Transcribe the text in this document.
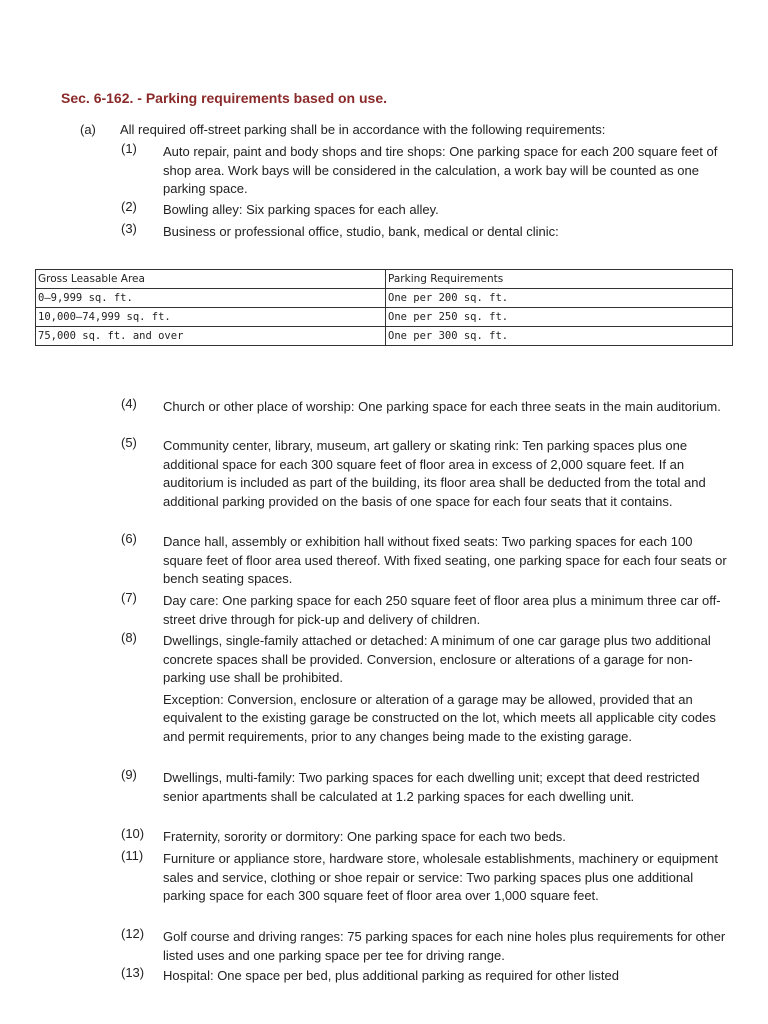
Sec. 6-162. - Parking requirements based on use.
(a) All required off-street parking shall be in accordance with the following requirements:
(1)	Auto repair, paint and body shops and tire shops: One parking space for each 200 square feet of shop area. Work bays will be considered in the calculation, a work bay will be counted as one parking space.
(2)	Bowling alley: Six parking spaces for each alley.
(3)	Business or professional office, studio, bank, medical or dental clinic:
Gross Leasable Area	Parking Requirements
0–9,999 sq. ft.	One per 200 sq. ft.
10,000–74,999 sq. ft.	One per 250 sq. ft.
75,000 sq. ft. and over	One per 300 sq. ft.
(4)	Church or other place of worship: One parking space for each three seats in the main auditorium.
(5)	Community center, library, museum, art gallery or skating rink: Ten parking spaces plus one additional space for each 300 square feet of floor area in excess of 2,000 square feet. If an auditorium is included as part of the building, its floor area shall be deducted from the total and additional parking provided on the basis of one space for each four seats that it contains.
(6)	Dance hall, assembly or exhibition hall without fixed seats: Two parking spaces for each 100 square feet of floor area used thereof. With fixed seating, one parking space for each four seats or bench seating spaces.
(7)	Day care: One parking space for each 250 square feet of floor area plus a minimum three car off-street drive through for pick-up and delivery of children.
(8)	Dwellings, single-family attached or detached: A minimum of one car garage plus two additional concrete spaces shall be provided. Conversion, enclosure or alterations of a garage for non-parking use shall be prohibited.
Exception: Conversion, enclosure or alteration of a garage may be allowed, provided that an equivalent to the existing garage be constructed on the lot, which meets all applicable city codes and permit requirements, prior to any changes being made to the existing garage.
(9)	Dwellings, multi-family: Two parking spaces for each dwelling unit; except that deed restricted senior apartments shall be calculated at 1.2 parking spaces for each dwelling unit.
(10)	Fraternity, sorority or dormitory: One parking space for each two beds.
(11)	Furniture or appliance store, hardware store, wholesale establishments, machinery or equipment sales and service, clothing or shoe repair or service: Two parking spaces plus one additional parking space for each 300 square feet of floor area over 1,000 square feet.
(12)	Golf course and driving ranges: 75 parking spaces for each nine holes plus requirements for other listed uses and one parking space per tee for driving range.
(13)	Hospital: One space per bed, plus additional parking as required for other listed
